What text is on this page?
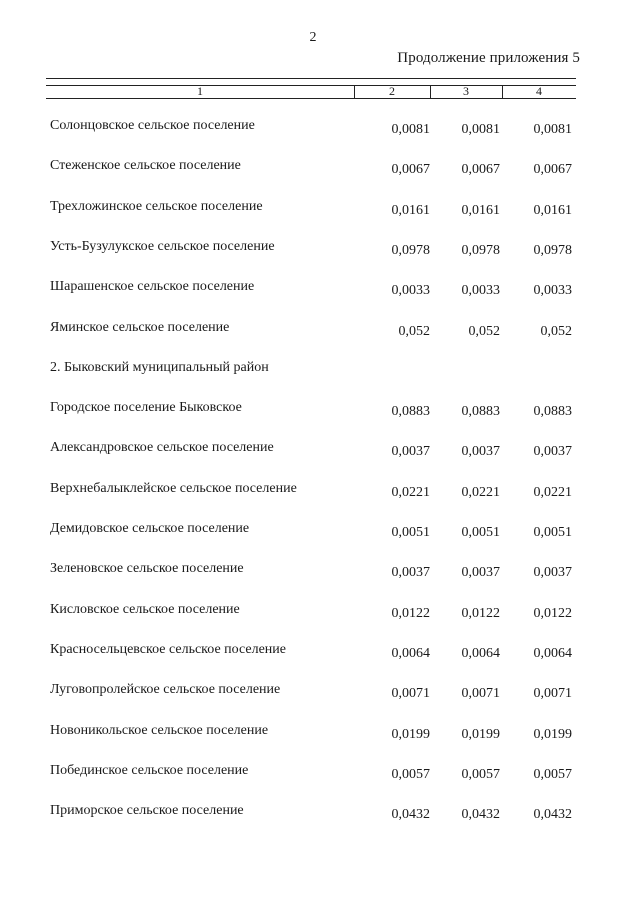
2
Продолжение приложения 5
1	2	3	4
Солонцовское сельское поселение	0,0081	0,0081	0,0081
Стеженское сельское поселение	0,0067	0,0067	0,0067
Трехложинское сельское поселение	0,0161	0,0161	0,0161
Усть-Бузулукское сельское поселение	0,0978	0,0978	0,0978
Шарашенское сельское поселение	0,0033	0,0033	0,0033
Яминское сельское поселение	0,052	0,052	0,052
2. Быковский муниципальный район
Городское поселение Быковское	0,0883	0,0883	0,0883
Александровское сельское поселение	0,0037	0,0037	0,0037
Верхнебалыклейское сельское поселение	0,0221	0,0221	0,0221
Демидовское сельское поселение	0,0051	0,0051	0,0051
Зеленовское сельское поселение	0,0037	0,0037	0,0037
Кисловское сельское поселение	0,0122	0,0122	0,0122
Красносельцевское сельское поселение	0,0064	0,0064	0,0064
Луговопролейское сельское поселение	0,0071	0,0071	0,0071
Новоникольское сельское поселение	0,0199	0,0199	0,0199
Побединское сельское поселение	0,0057	0,0057	0,0057
Приморское сельское поселение	0,0432	0,0432	0,0432
